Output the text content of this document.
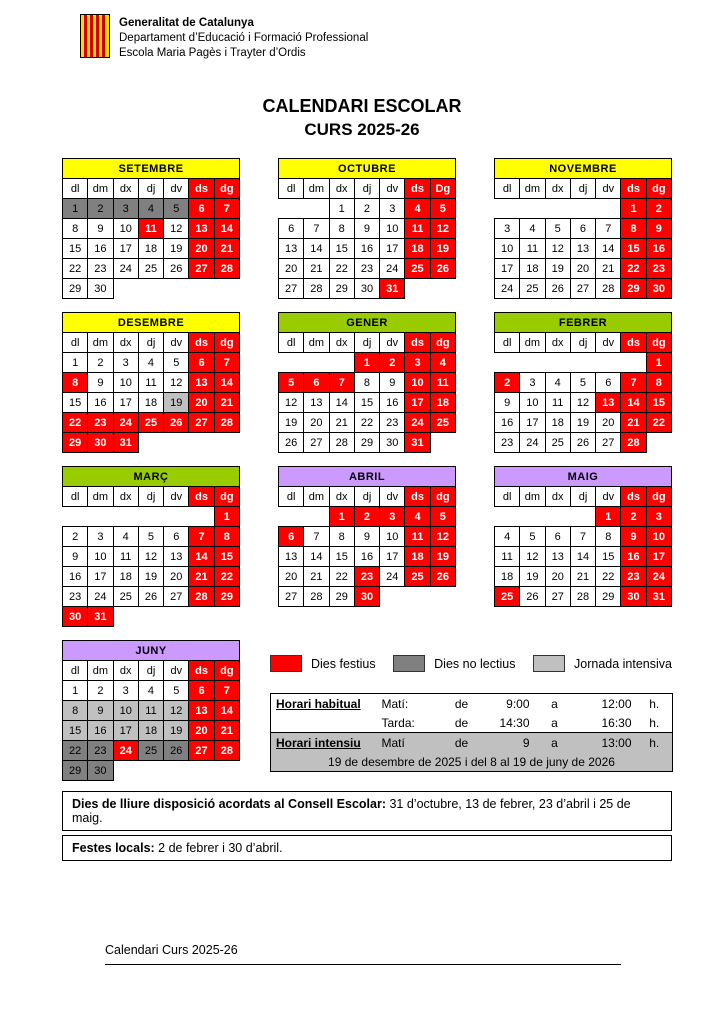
Generalitat de Catalunya
Departament d’Educació i Formació Professional
Escola Maria Pagès i Trayter d’Ordis
CALENDARI ESCOLAR
CURS 2025-26
SETEMBRE						
dl	dm	dx	dj	dv	ds	dg
1	2	3	4	5	6	7
8	9	10	11	12	13	14
15	16	17	18	19	20	21
22	23	24	25	26	27	28
29	30					
OCTUBRE						
dl	dm	dx	dj	dv	ds	Dg
		1	2	3	4	5
6	7	8	9	10	11	12
13	14	15	16	17	18	19
20	21	22	23	24	25	26
27	28	29	30	31		
NOVEMBRE						
dl	dm	dx	dj	dv	ds	dg
					1	2
3	4	5	6	7	8	9
10	11	12	13	14	15	16
17	18	19	20	21	22	23
24	25	26	27	28	29	30
DESEMBRE						
dl	dm	dx	dj	dv	ds	dg
1	2	3	4	5	6	7
8	9	10	11	12	13	14
15	16	17	18	19	20	21
22	23	24	25	26	27	28
29	30	31				
GENER						
dl	dm	dx	dj	dv	ds	dg
			1	2	3	4
5	6	7	8	9	10	11
12	13	14	15	16	17	18
19	20	21	22	23	24	25
26	27	28	29	30	31	
FEBRER						
dl	dm	dx	dj	dv	ds	dg
						1
2	3	4	5	6	7	8
9	10	11	12	13	14	15
16	17	18	19	20	21	22
23	24	25	26	27	28	
MARÇ						
dl	dm	dx	dj	dv	ds	dg
						1
2	3	4	5	6	7	8
9	10	11	12	13	14	15
16	17	18	19	20	21	22
23	24	25	26	27	28	29
30	31					
ABRIL						
dl	dm	dx	dj	dv	ds	dg
		1	2	3	4	5
6	7	8	9	10	11	12
13	14	15	16	17	18	19
20	21	22	23	24	25	26
27	28	29	30			
MAIG						
dl	dm	dx	dj	dv	ds	dg
				1	2	3
4	5	6	7	8	9	10
11	12	13	14	15	16	17
18	19	20	21	22	23	24
25	26	27	28	29	30	31
JUNY						
dl	dm	dx	dj	dv	ds	dg
1	2	3	4	5	6	7
8	9	10	11	12	13	14
15	16	17	18	19	20	21
22	23	24	25	26	27	28
29	30					
Dies festius	Dies no lectius	Jornada intensiva
Horari habitual	Matí:	de	9:00	a	12:00	h.
	Tarda:	de	14:30	a	16:30	h.
Horari intensiu	Matí	de	9	a	13:00	h.
19 de desembre de 2025 i del 8 al 19 de juny de 2026						
Dies de lliure disposició acordats al Consell Escolar: 31 d’octubre, 13 de febrer, 23 d’abril i 25 de maig.
Festes locals: 2 de febrer i 30 d’abril.
Calendari Curs 2025-26
